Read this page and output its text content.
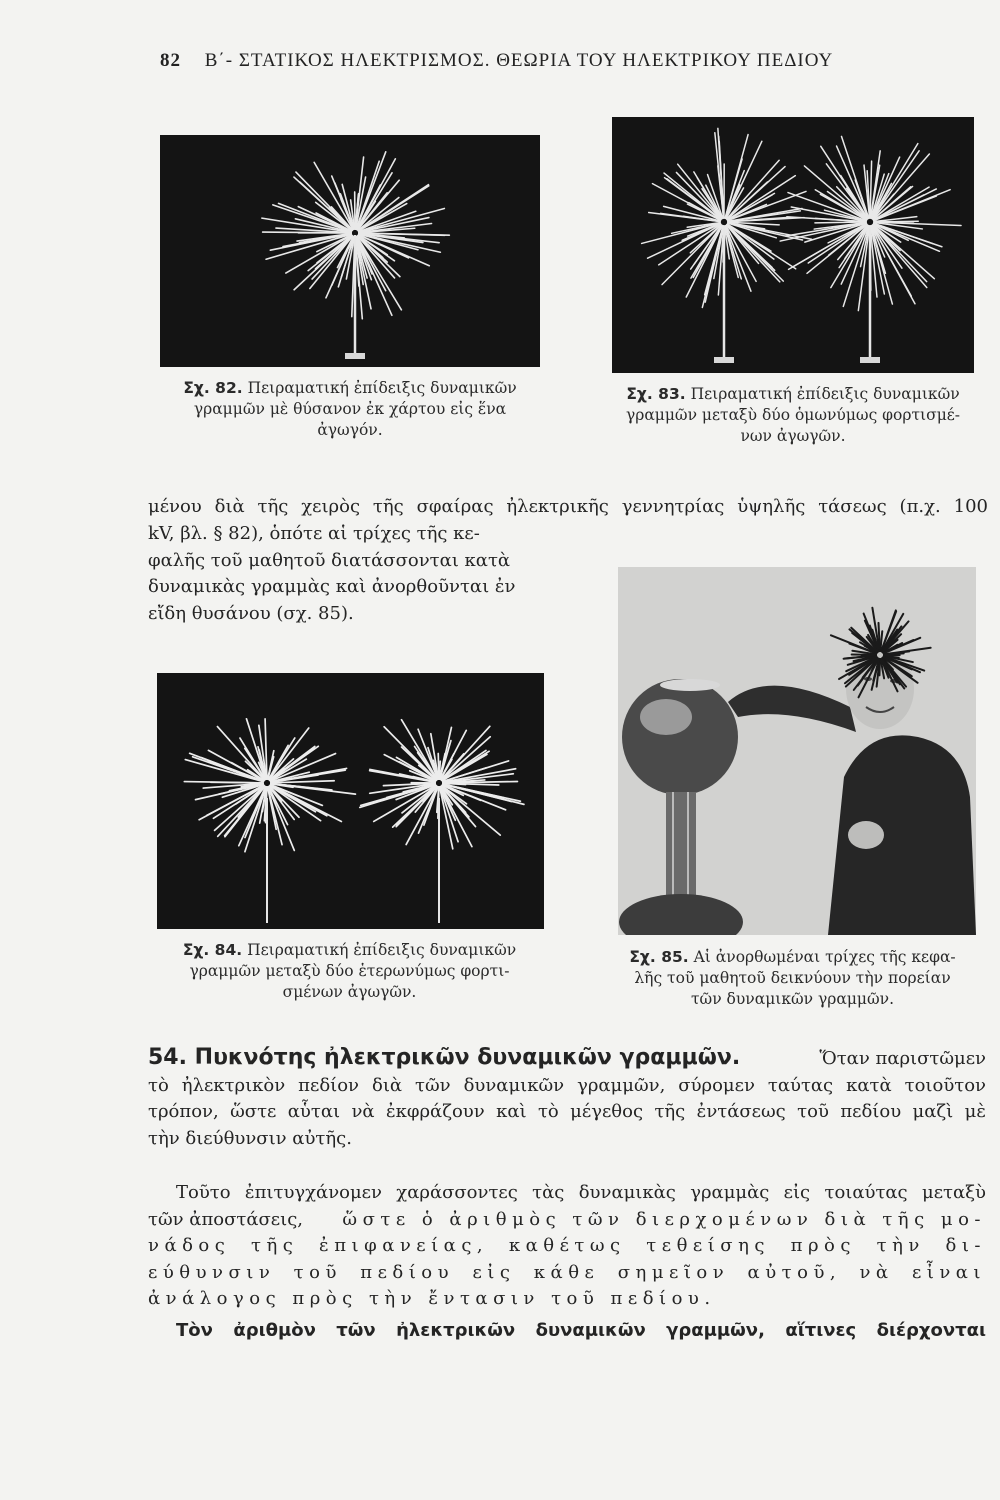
82 Β΄- ΣΤΑΤΙΚΟΣ ΗΛΕΚΤΡΙΣΜΟΣ. ΘΕΩΡΙΑ ΤΟΥ ΗΛΕΚΤΡΙΚΟΥ ΠΕΔΙΟΥ
Σχ. 82. Πειραματική ἐπίδειξις δυναμικῶν
γραμμῶν μὲ θύσανον ἐκ χάρτου εἰς ἕνα
ἀγωγόν.
Σχ. 83. Πειραματική ἐπίδειξις δυναμικῶν
γραμμῶν μεταξὺ δύο ὁμωνύμως φορτισμέ-
νων ἀγωγῶν.
μένου διὰ τῆς χειρὸς τῆς σφαίρας ἠλεκτρικῆς γεννητρίας ὑψηλῆς τάσεως (π.χ. 100
kV, βλ. § 82), ὁπότε αἱ τρίχες τῆς κε-
φαλῆς τοῦ μαθητοῦ διατάσσονται κατὰ
δυναμικὰς γραμμὰς καὶ ἀνορθοῦνται ἐν
εἴδη θυσάνου (σχ. 85).
Σχ. 84. Πειραματική ἐπίδειξις δυναμικῶν
γραμμῶν μεταξὺ δύο ἑτερωνύμως φορτι-
σμένων ἀγωγῶν.
Σχ. 85. Αἱ ἀνορθωμέναι τρίχες τῆς κεφα-
λῆς τοῦ μαθητοῦ δεικνύουν τὴν πορείαν
τῶν δυναμικῶν γραμμῶν.
54. Πυκνότης ἠλεκτρικῶν δυναμικῶν γραμμῶν.	Ὅταν παριστῶμεν
τὸ ἠλεκτρικὸν πεδίον διὰ τῶν δυναμικῶν γραμμῶν, σύρομεν ταύτας κατὰ τοιοῦτον
τρόπον, ὥστε αὗται νὰ ἐκφράζουν καὶ τὸ μέγεθος τῆς ἐντάσεως τοῦ πεδίου μαζὶ μὲ
τὴν διεύθυνσιν αὐτῆς.
Τοῦτο ἐπιτυγχάνομεν χαράσσοντες τὰς δυναμικὰς γραμμὰς εἰς τοιαύτας μεταξὺ
τῶν ἀποστάσεις, ὥστε ὁ ἀριθμὸς τῶν διερχομένων διὰ τῆς μο-
νάδος τῆς ἐπιφανείας, καθέτως τεθείσης πρὸς τὴν δι-
εύθυνσιν τοῦ πεδίου εἰς κάθε σημεῖον αὐτοῦ, νὰ εἶναι
ἀνάλογος πρὸς τὴν ἔντασιν τοῦ πεδίου.
Τὸν ἀριθμὸν τῶν ἠλεκτρικῶν δυναμικῶν γραμμῶν, αἵτινες διέρχονται
